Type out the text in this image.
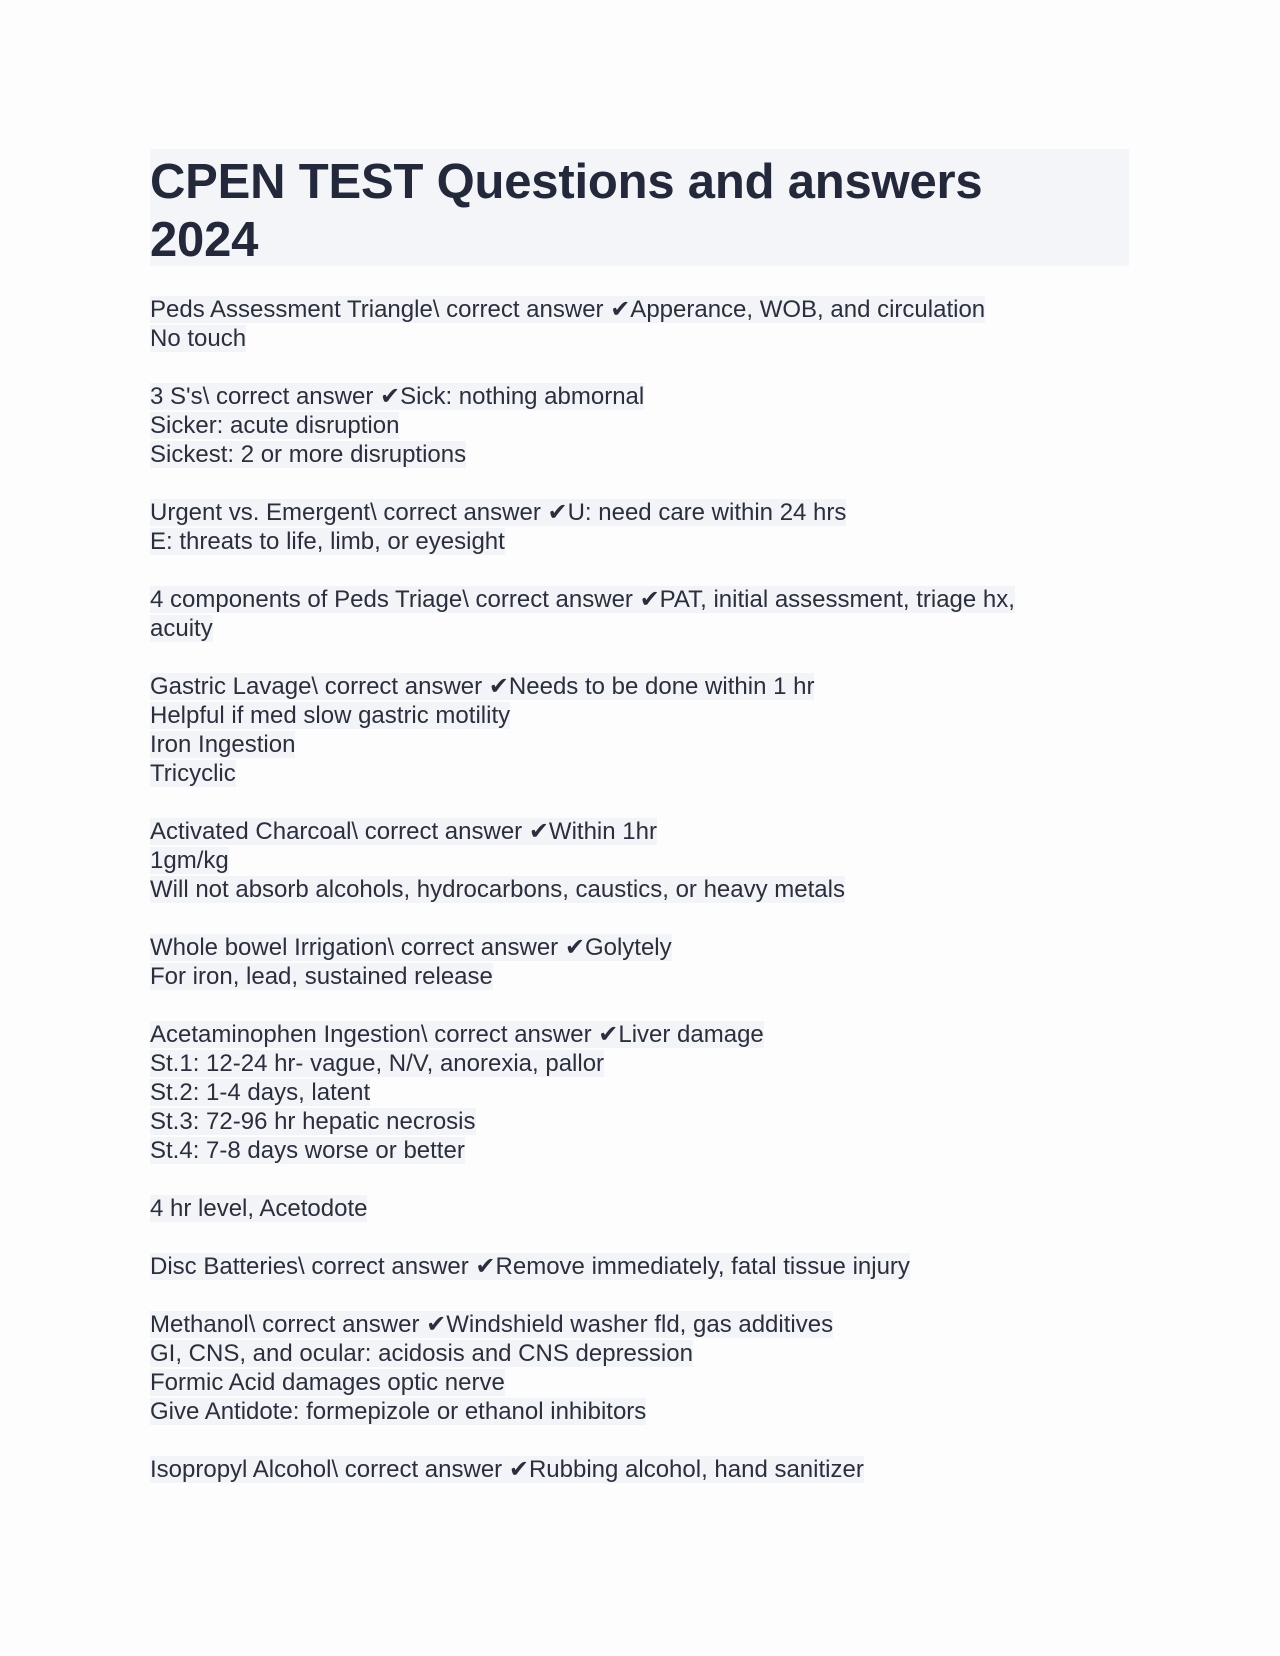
CPEN TEST Questions and answers
2024
Peds Assessment Triangle\ correct answer ✔Apperance, WOB, and circulation
No touch
3 S's\ correct answer ✔Sick: nothing abmornal
Sicker: acute disruption
Sickest: 2 or more disruptions
Urgent vs. Emergent\ correct answer ✔U: need care within 24 hrs
E: threats to life, limb, or eyesight
4 components of Peds Triage\ correct answer ✔PAT, initial assessment, triage hx,
acuity
Gastric Lavage\ correct answer ✔Needs to be done within 1 hr
Helpful if med slow gastric motility
Iron Ingestion
Tricyclic
Activated Charcoal\ correct answer ✔Within 1hr
1gm/kg
Will not absorb alcohols, hydrocarbons, caustics, or heavy metals
Whole bowel Irrigation\ correct answer ✔Golytely
For iron, lead, sustained release
Acetaminophen Ingestion\ correct answer ✔Liver damage
St.1: 12-24 hr- vague, N/V, anorexia, pallor
St.2: 1-4 days, latent
St.3: 72-96 hr hepatic necrosis
St.4: 7-8 days worse or better
4 hr level, Acetodote
Disc Batteries\ correct answer ✔Remove immediately, fatal tissue injury
Methanol\ correct answer ✔Windshield washer fld, gas additives
GI, CNS, and ocular: acidosis and CNS depression
Formic Acid damages optic nerve
Give Antidote: formepizole or ethanol inhibitors
Isopropyl Alcohol\ correct answer ✔Rubbing alcohol, hand sanitizer
